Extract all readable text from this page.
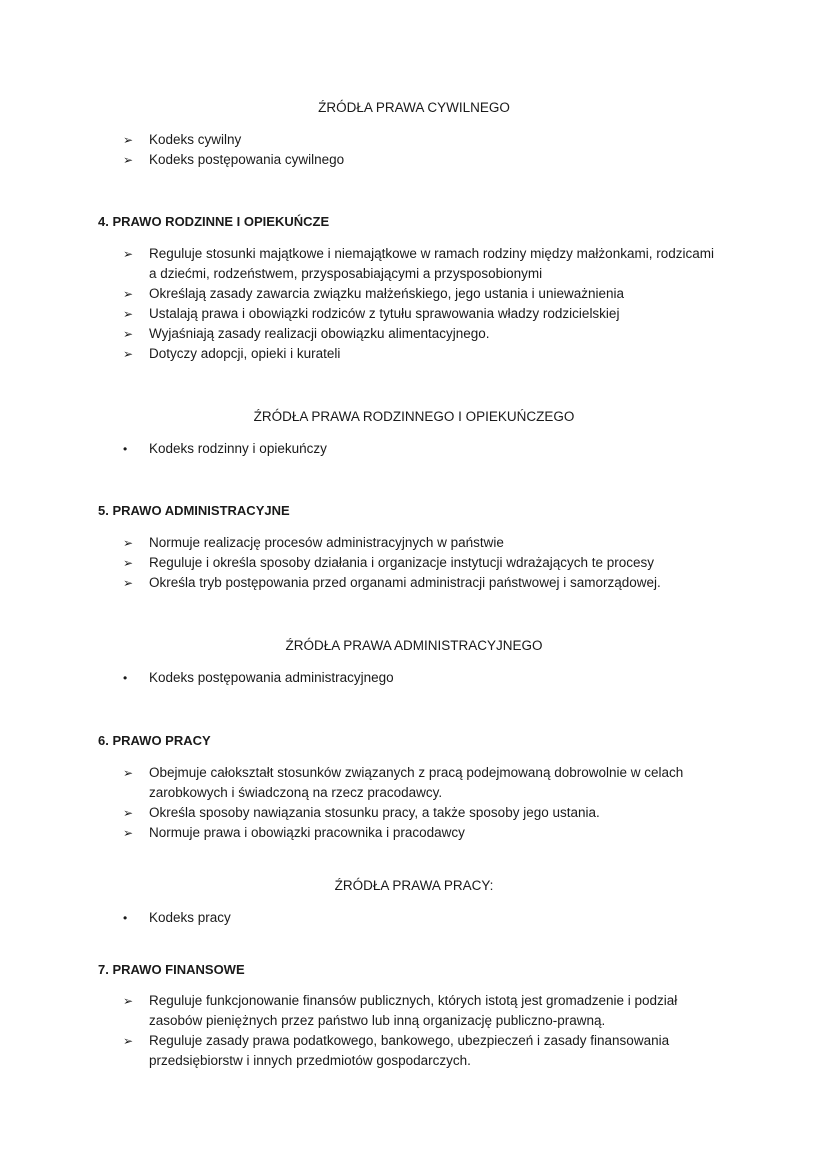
ŹRÓDŁA PRAWA CYWILNEGO
➢
Kodeks cywilny
➢
Kodeks postępowania cywilnego
4. PRAWO RODZINNE I OPIEKUŃCZE
➢
Reguluje stosunki majątkowe i niemajątkowe w ramach rodziny między małżonkami, rodzicami a dziećmi, rodzeństwem, przysposabiającymi a przysposobionymi
➢
Określają zasady zawarcia związku małżeńskiego, jego ustania i unieważnienia
➢
Ustalają prawa i obowiązki rodziców z tytułu sprawowania władzy rodzicielskiej
➢
Wyjaśniają zasady realizacji obowiązku alimentacyjnego.
➢
Dotyczy adopcji, opieki i kurateli
ŹRÓDŁA PRAWA RODZINNEGO I OPIEKUŃCZEGO
•	Kodeks rodzinny i opiekuńczy
5. PRAWO ADMINISTRACYJNE
➢
Normuje realizację procesów administracyjnych w państwie
➢
Reguluje i określa sposoby działania i organizacje instytucji wdrażających te procesy
➢
Określa tryb postępowania przed organami administracji państwowej i samorządowej.
ŹRÓDŁA PRAWA ADMINISTRACYJNEGO
•	Kodeks postępowania administracyjnego
6. PRAWO PRACY
➢
Obejmuje całokształt stosunków związanych z pracą podejmowaną dobrowolnie w celach zarobkowych i świadczoną na rzecz pracodawcy.
➢
Określa sposoby nawiązania stosunku pracy, a także sposoby jego ustania.
➢
Normuje prawa i obowiązki pracownika i pracodawcy
ŹRÓDŁA PRAWA PRACY:
•	Kodeks pracy
7. PRAWO FINANSOWE
➢
Reguluje funkcjonowanie finansów publicznych, których istotą jest gromadzenie i podział zasobów pieniężnych przez państwo lub inną organizację publiczno-prawną.
➢
Reguluje zasady prawa podatkowego, bankowego, ubezpieczeń i zasady finansowania przedsiębiorstw i innych przedmiotów gospodarczych.
